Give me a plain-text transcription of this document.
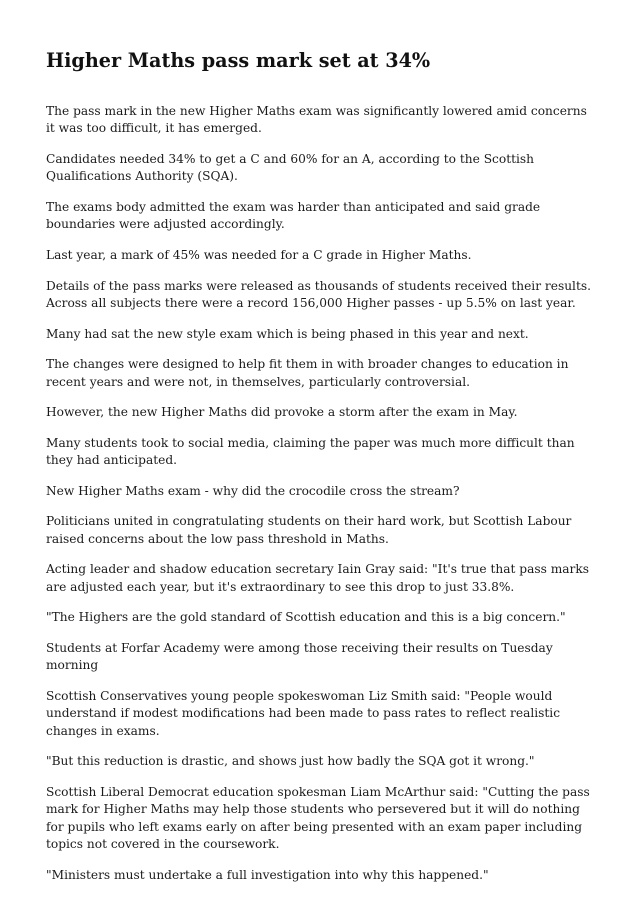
Higher Maths pass mark set at 34%

The pass mark in the new Higher Maths exam was significantly lowered amid concerns it was too difficult, it has emerged.

Candidates needed 34% to get a C and 60% for an A, according to the Scottish Qualifications Authority (SQA).

The exams body admitted the exam was harder than anticipated and said grade boundaries were adjusted accordingly.

Last year, a mark of 45% was needed for a C grade in Higher Maths.

Details of the pass marks were released as thousands of students received their results. Across all subjects there were a record 156,000 Higher passes - up 5.5% on last year.

Many had sat the new style exam which is being phased in this year and next.

The changes were designed to help fit them in with broader changes to education in recent years and were not, in themselves, particularly controversial.

However, the new Higher Maths did provoke a storm after the exam in May.

Many students took to social media, claiming the paper was much more difficult than they had anticipated.

New Higher Maths exam - why did the crocodile cross the stream?

Politicians united in congratulating students on their hard work, but Scottish Labour raised concerns about the low pass threshold in Maths.

Acting leader and shadow education secretary Iain Gray said: "It's true that pass marks are adjusted each year, but it's extraordinary to see this drop to just 33.8%.

"The Highers are the gold standard of Scottish education and this is a big concern."

Students at Forfar Academy were among those receiving their results on Tuesday morning

Scottish Conservatives young people spokeswoman Liz Smith said: "People would understand if modest modifications had been made to pass rates to reflect realistic changes in exams.

"But this reduction is drastic, and shows just how badly the SQA got it wrong."

Scottish Liberal Democrat education spokesman Liam McArthur said: "Cutting the pass mark for Higher Maths may help those students who persevered but it will do nothing for pupils who left exams early on after being presented with an exam paper including topics not covered in the coursework.

"Ministers must undertake a full investigation into why this happened."
